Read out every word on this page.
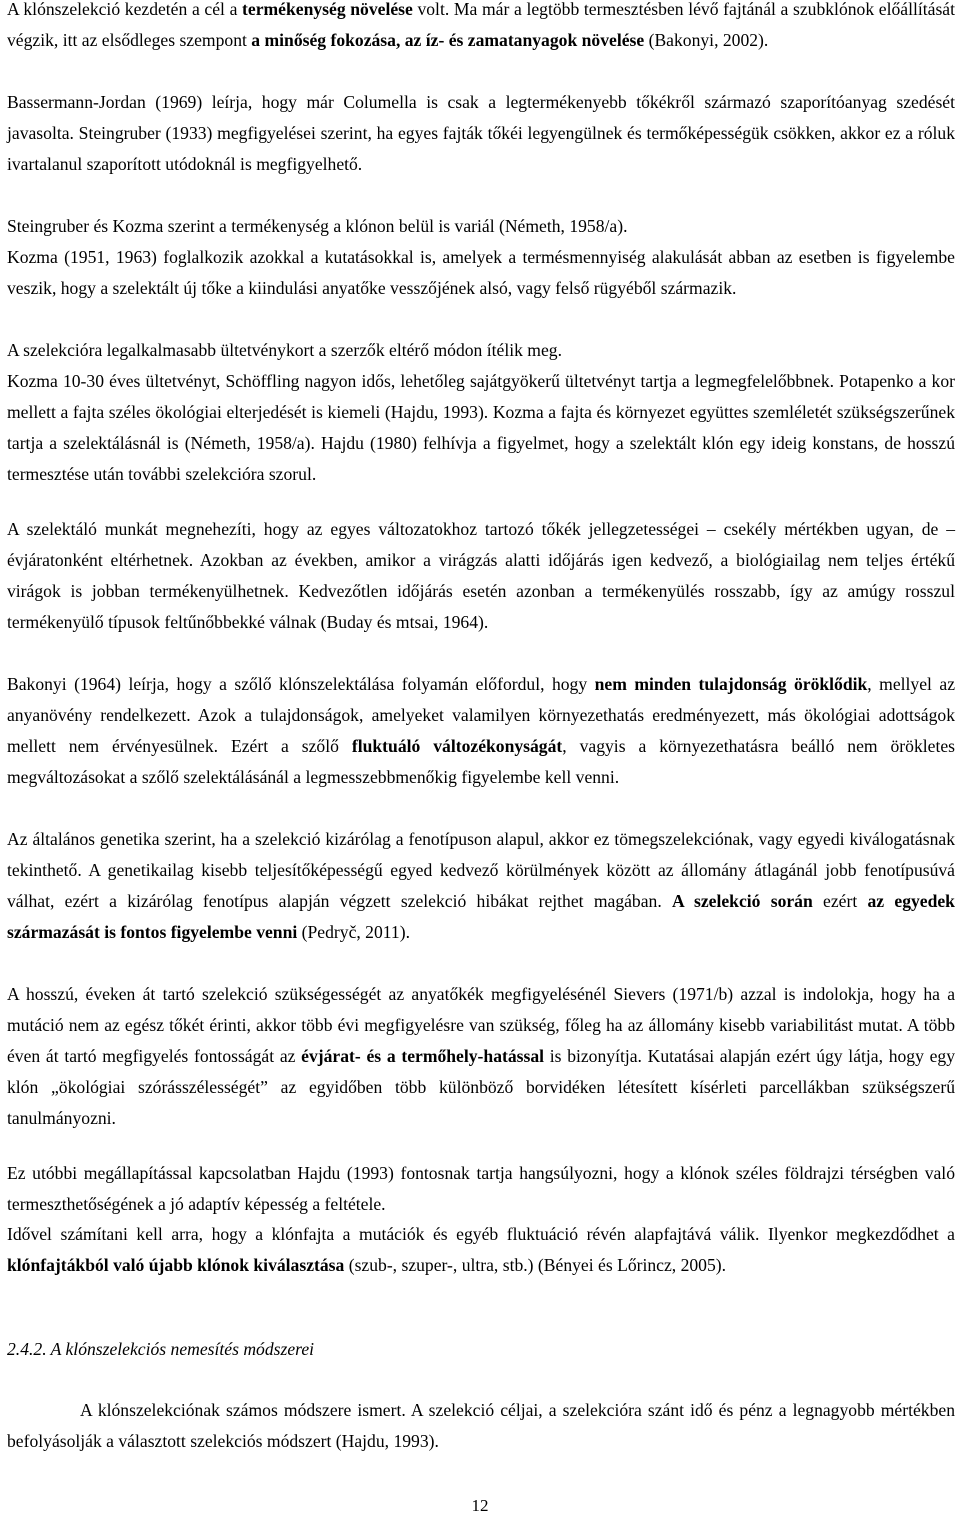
A klónszelekció kezdetén a cél a termékenység növelése volt. Ma már a legtöbb termesztésben lévő fajtánál a szubklónok előállítását végzik, itt az elsődleges szempont a minőség fokozása, az íz- és zamatanyagok növelése (Bakonyi, 2002).

Bassermann-Jordan (1969) leírja, hogy már Columella is csak a legtermékenyebb tőkékről származó szaporítóanyag szedését javasolta. Steingruber (1933) megfigyelései szerint, ha egyes fajták tőkéi legyengülnek és termőképességük csökken, akkor ez a róluk ivartalanul szaporított utódoknál is megfigyelhető.

Steingruber és Kozma szerint a termékenység a klónon belül is variál (Németh, 1958/a).

Kozma (1951, 1963) foglalkozik azokkal a kutatásokkal is, amelyek a termésmennyiség alakulását abban az esetben is figyelembe veszik, hogy a szelektált új tőke a kiindulási anyatőke vesszőjének alsó, vagy felső rügyéből származik.

A szelekcióra legalkalmasabb ültetvénykort a szerzők eltérő módon ítélik meg.

Kozma 10-30 éves ültetvényt, Schöffling nagyon idős, lehetőleg sajátgyökerű ültetvényt tartja a legmegfelelőbbnek. Potapenko a kor mellett a fajta széles ökológiai elterjedését is kiemeli (Hajdu, 1993). Kozma a fajta és környezet együttes szemléletét szükségszerűnek tartja a szelektálásnál is (Németh, 1958/a). Hajdu (1980) felhívja a figyelmet, hogy a szelektált klón egy ideig konstans, de hosszú termesztése után további szelekcióra szorul.

A szelektáló munkát megnehezíti, hogy az egyes változatokhoz tartozó tőkék jellegzetességei – csekély mértékben ugyan, de – évjáratonként eltérhetnek. Azokban az években, amikor a virágzás alatti időjárás igen kedvező, a biológiailag nem teljes értékű virágok is jobban termékenyülhetnek. Kedvezőtlen időjárás esetén azonban a termékenyülés rosszabb, így az amúgy rosszul termékenyülő típusok feltűnőbbekké válnak (Buday és mtsai, 1964).

Bakonyi (1964) leírja, hogy a szőlő klónszelektálása folyamán előfordul, hogy nem minden tulajdonság öröklődik, mellyel az anyanövény rendelkezett. Azok a tulajdonságok, amelyeket valamilyen környezethatás eredményezett, más ökológiai adottságok mellett nem érvényesülnek. Ezért a szőlő fluktuáló változékonyságát, vagyis a környezethatásra beálló nem örökletes megváltozásokat a szőlő szelektálásánál a legmesszebbmenőkig figyelembe kell venni.

Az általános genetika szerint, ha a szelekció kizárólag a fenotípuson alapul, akkor ez tömegszelekciónak, vagy egyedi kiválogatásnak tekinthető. A genetikailag kisebb teljesítőképességű egyed kedvező körülmények között az állomány átlagánál jobb fenotípusúvá válhat, ezért a kizárólag fenotípus alapján végzett szelekció hibákat rejthet magában. A szelekció során ezért az egyedek származását is fontos figyelembe venni (Pedryč, 2011).

A hosszú, éveken át tartó szelekció szükségességét az anyatőkék megfigyelésénél Sievers (1971/b) azzal is indolokja, hogy ha a mutáció nem az egész tőkét érinti, akkor több évi megfigyelésre van szükség, főleg ha az állomány kisebb variabilitást mutat. A több éven át tartó megfigyelés fontosságát az évjárat- és a termőhely-hatással is bizonyítja. Kutatásai alapján ezért úgy látja, hogy egy klón „ökológiai szórásszélességét” az egyidőben több különböző borvidéken létesített kísérleti parcellákban szükségszerű tanulmányozni.

Ez utóbbi megállapítással kapcsolatban Hajdu (1993) fontosnak tartja hangsúlyozni, hogy a klónok széles földrajzi térségben való termeszthetőségének a jó adaptív képesség a feltétele.

Idővel számítani kell arra, hogy a klónfajta a mutációk és egyéb fluktuáció révén alapfajtává válik. Ilyenkor megkezdődhet a klónfajtákból való újabb klónok kiválasztása (szub-, szuper-, ultra, stb.) (Bényei és Lőrincz, 2005).

2.4.2. A klónszelekciós nemesítés módszerei

A klónszelekciónak számos módszere ismert. A szelekció céljai, a szelekcióra szánt idő és pénz a legnagyobb mértékben befolyásolják a választott szelekciós módszert (Hajdu, 1993).

12
